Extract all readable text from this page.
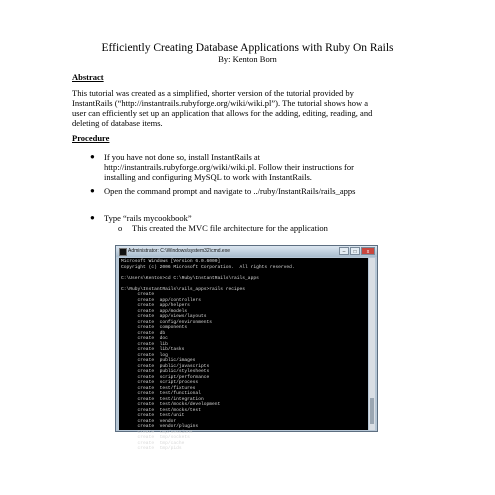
Efficiently Creating Database Applications with Ruby On Rails
By: Kenton Born
Abstract
This tutorial was created as a simplified, shorter version of the tutorial provided by
InstantRails (“http://instantrails.rubyforge.org/wiki/wiki.pl”). The tutorial shows how a
user can efficiently set up an application that allows for the adding, editing, reading, and
deleting of database items.
Procedure
● If you have not done so, install InstantRails at
http://instantrails.rubyforge.org/wiki/wiki.pl. Follow their instructions for
installing and configuring MySQL to work with InstantRails.
● Open the command prompt and navigate to ../ruby/InstantRails/rails_apps
● Type “rails mycookbook”
o This created the MVC file architecture for the application
Administrator: C:\Windows\system32\cmd.exe	–	□	x
Microsoft Windows [Version 6.0.6000]
Copyright (c) 2006 Microsoft Corporation.  All rights reserved.

C:\Users\Kenton>cd C:\Ruby\InstantRails\rails_apps

C:\Ruby\InstantRails\rails_apps>rails recipes
create
create  app/controllers
create  app/helpers
create  app/models
create  app/views/layouts
create  config/environments
create  components
create  db
create  doc
create  lib
create  lib/tasks
create  log
create  public/images
create  public/javascripts
create  public/stylesheets
create  script/performance
create  script/process
create  test/fixtures
create  test/functional
create  test/integration
create  test/mocks/development
create  test/mocks/test
create  test/unit
create  vendor
create  vendor/plugins
create  tmp/sessions
create  tmp/sockets
create  tmp/cache
create  tmp/pids
